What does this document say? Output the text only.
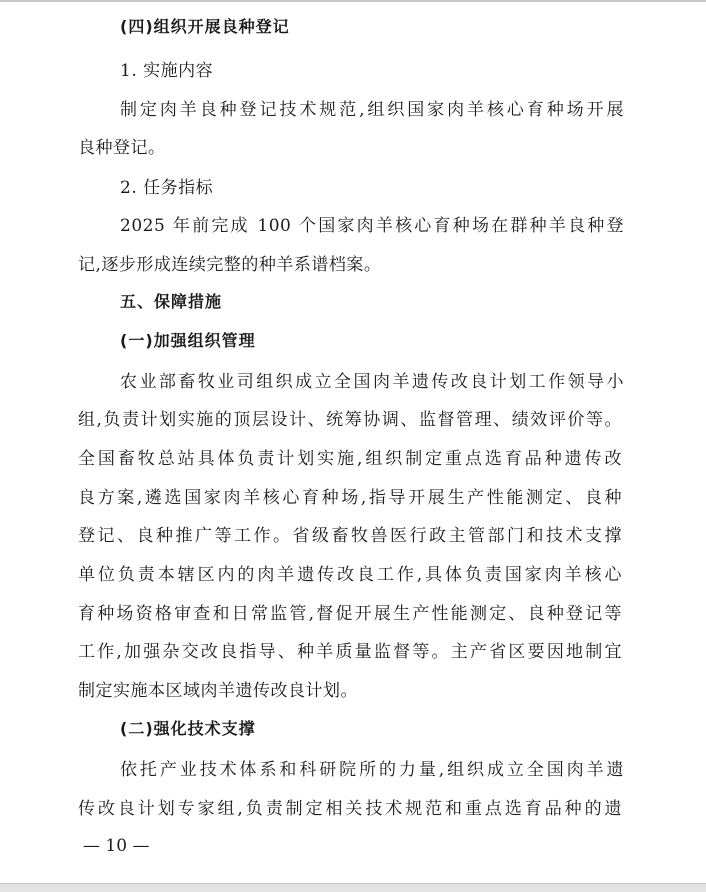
(四)组织开展良种登记
1. 实施内容
制定肉羊良种登记技术规范,组织国家肉羊核心育种场开展
良种登记。
2. 任务指标
2025 年前完成 100 个国家肉羊核心育种场在群种羊良种登
记,逐步形成连续完整的种羊系谱档案。
五、保障措施
(一)加强组织管理
农业部畜牧业司组织成立全国肉羊遗传改良计划工作领导小
组,负责计划实施的顶层设计、统筹协调、监督管理、绩效评价等。
全国畜牧总站具体负责计划实施,组织制定重点选育品种遗传改
良方案,遴选国家肉羊核心育种场,指导开展生产性能测定、良种
登记、良种推广等工作。省级畜牧兽医行政主管部门和技术支撑
单位负责本辖区内的肉羊遗传改良工作,具体负责国家肉羊核心
育种场资格审查和日常监管,督促开展生产性能测定、良种登记等
工作,加强杂交改良指导、种羊质量监督等。主产省区要因地制宜
制定实施本区域肉羊遗传改良计划。
(二)强化技术支撑
依托产业技术体系和科研院所的力量,组织成立全国肉羊遗
传改良计划专家组,负责制定相关技术规范和重点选育品种的遗
— 10 —
